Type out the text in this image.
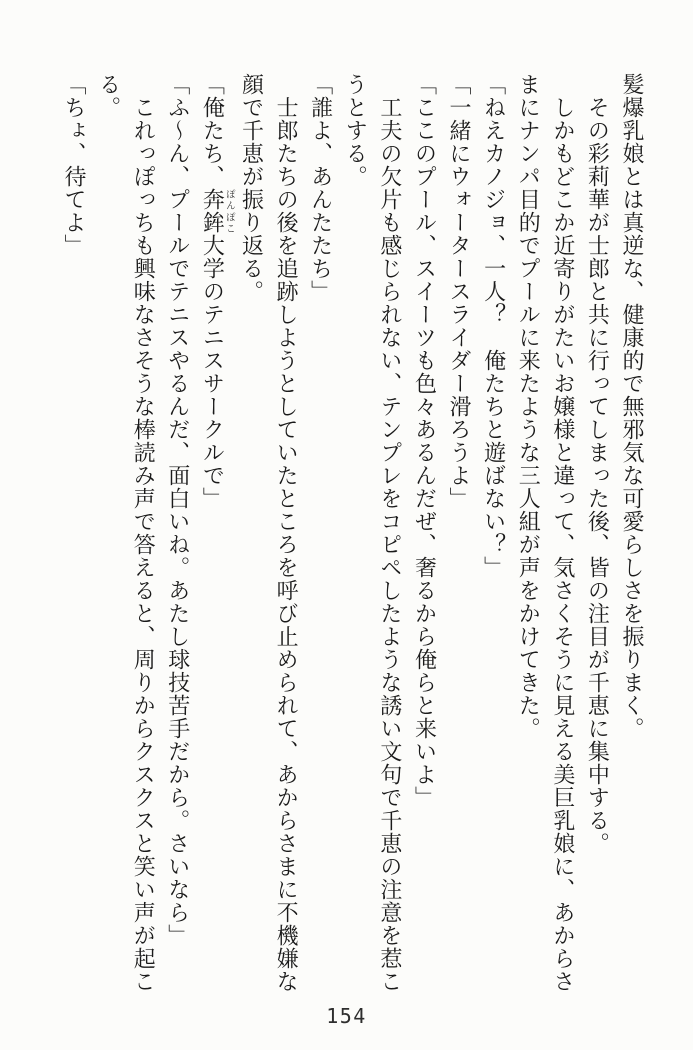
髪爆乳娘とは真逆な、健康的で無邪気な可愛らしさを振りまく。
その彩莉華が士郎と共に行ってしまった後、皆の注目が千恵に集中する。
しかもどこか近寄りがたいお嬢様と違って、気さくそうに見える美巨乳娘に、あからさ
まにナンパ目的でプールに来たような三人組が声をかけてきた。
「ねえカノジョ、一人？　俺たちと遊ばない？」
「一緒にウォータースライダー滑ろうよ」
「ここのプール、スイーツも色々あるんだぜ、奢るから俺らと来いよ」
工夫の欠片も感じられない、テンプレをコピペしたような誘い文句で千恵の注意を惹こ
うとする。
「誰よ、あんたたち」
士郎たちの後を追跡しようとしていたところを呼び止められて、あからさまに不機嫌な
顔で千恵が振り返る。
「俺たち、奔鉾ぽんぽこ大学のテニスサークルで」
「ふ〜ん、プールでテニスやるんだ、面白いね。あたし球技苦手だから。さいなら」
これっぽっちも興味なさそうな棒読み声で答えると、周りからクスクスと笑い声が起こ
る。
「ちょ、待てよ」
154
